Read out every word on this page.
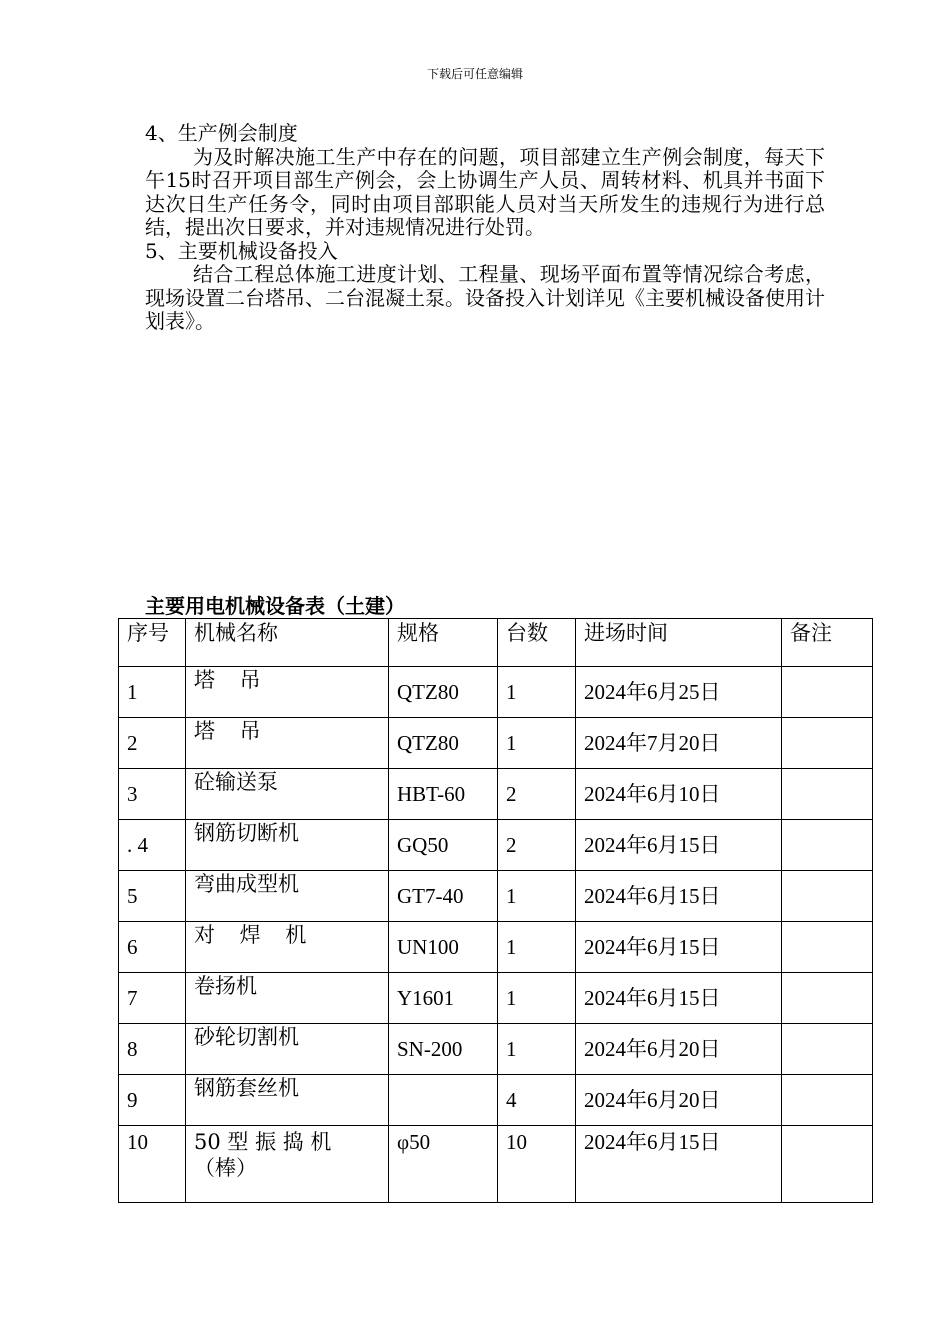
下载后可任意编辑

4、生产例会制度

为及时解决施工生产中存在的问题，项目部建立生产例会制度，每天下午15时召开项目部生产例会，会上协调生产人员、周转材料、机具并书面下达次日生产任务令，同时由项目部职能人员对当天所发生的违规行为进行总结，提出次日要求，并对违规情况进行处罚。

5、主要机械设备投入

结合工程总体施工进度计划、工程量、现场平面布置等情况综合考虑，现场设置二台塔吊、二台混凝土泵。设备投入计划详见《主要机械设备使用计划表》。

主要用电机械设备表（土建）
序号	机械名称	规格	台数	进场时间	备注
1	塔 吊	QTZ80	1	2024年6月25日	
2	塔 吊	QTZ80	1	2024年7月20日	
3	砼输送泵	HBT-60	2	2024年6月10日	
. 4	钢筋切断机	GQ50	2	2024年6月15日	
5	弯曲成型机	GT7-40	1	2024年6月15日	
6	对 焊 机	UN100	1	2024年6月15日	
7	卷扬机	Y1601	1	2024年6月15日	
8	砂轮切割机	SN-200	1	2024年6月20日	
9	钢筋套丝机		4	2024年6月20日	
10	50 型 振 捣 机（棒）	φ50	10	2024年6月15日	
